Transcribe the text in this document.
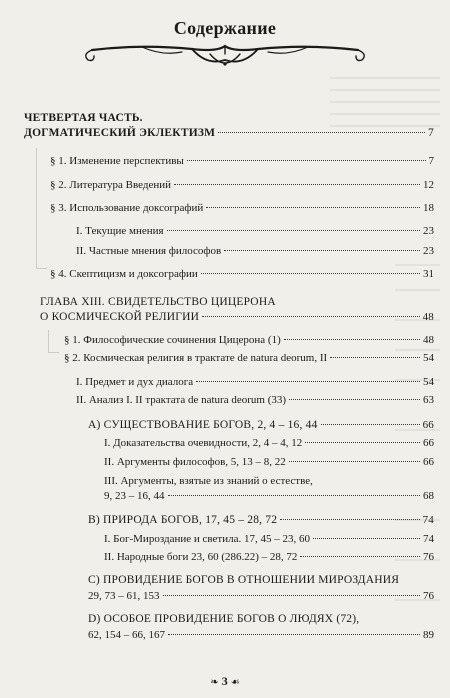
Содержание
ЧЕТВЕРТАЯ ЧАСТЬ.
ДОГМАТИЧЕСКИЙ ЭКЛЕКТИЗМ	7
§ 1. Изменение перспективы	7
§ 2. Литература Введений	12
§ 3. Использование доксографий	18
I. Текущие мнения	23
II. Частные мнения философов	23
§ 4. Скептицизм и доксографии	31
ГЛАВА XIII. СВИДЕТЕЛЬСТВО ЦИЦЕРОНА
О КОСМИЧЕСКОЙ РЕЛИГИИ	48
§ 1. Философические сочинения Цицерона (1)	48
§ 2. Космическая религия в трактате de natura deorum, II	54
I. Предмет и дух диалога	54
II. Анализ I. II трактата de natura deorum (33)	63
А) СУЩЕСТВОВАНИЕ БОГОВ, 2, 4 – 16, 44	66
I. Доказательства очевидности, 2, 4 – 4, 12	66
II. Аргументы философов, 5, 13 – 8, 22	66
III. Аргументы, взятые из знаний о естестве,
9, 23 – 16, 44	68
В) ПРИРОДА БОГОВ, 17, 45 – 28, 72	74
I. Бог-Мироздание и светила. 17, 45 – 23, 60	74
II. Народные боги 23, 60 (286.22) – 28, 72	76
С) ПРОВИДЕНИЕ БОГОВ В ОТНОШЕНИИ МИРОЗДАНИЯ
29, 73 – 61, 153	76
D) ОСОБОЕ ПРОВИДЕНИЕ БОГОВ О ЛЮДЯХ (72),
62, 154 – 66, 167	89
❧ 3 ☙
